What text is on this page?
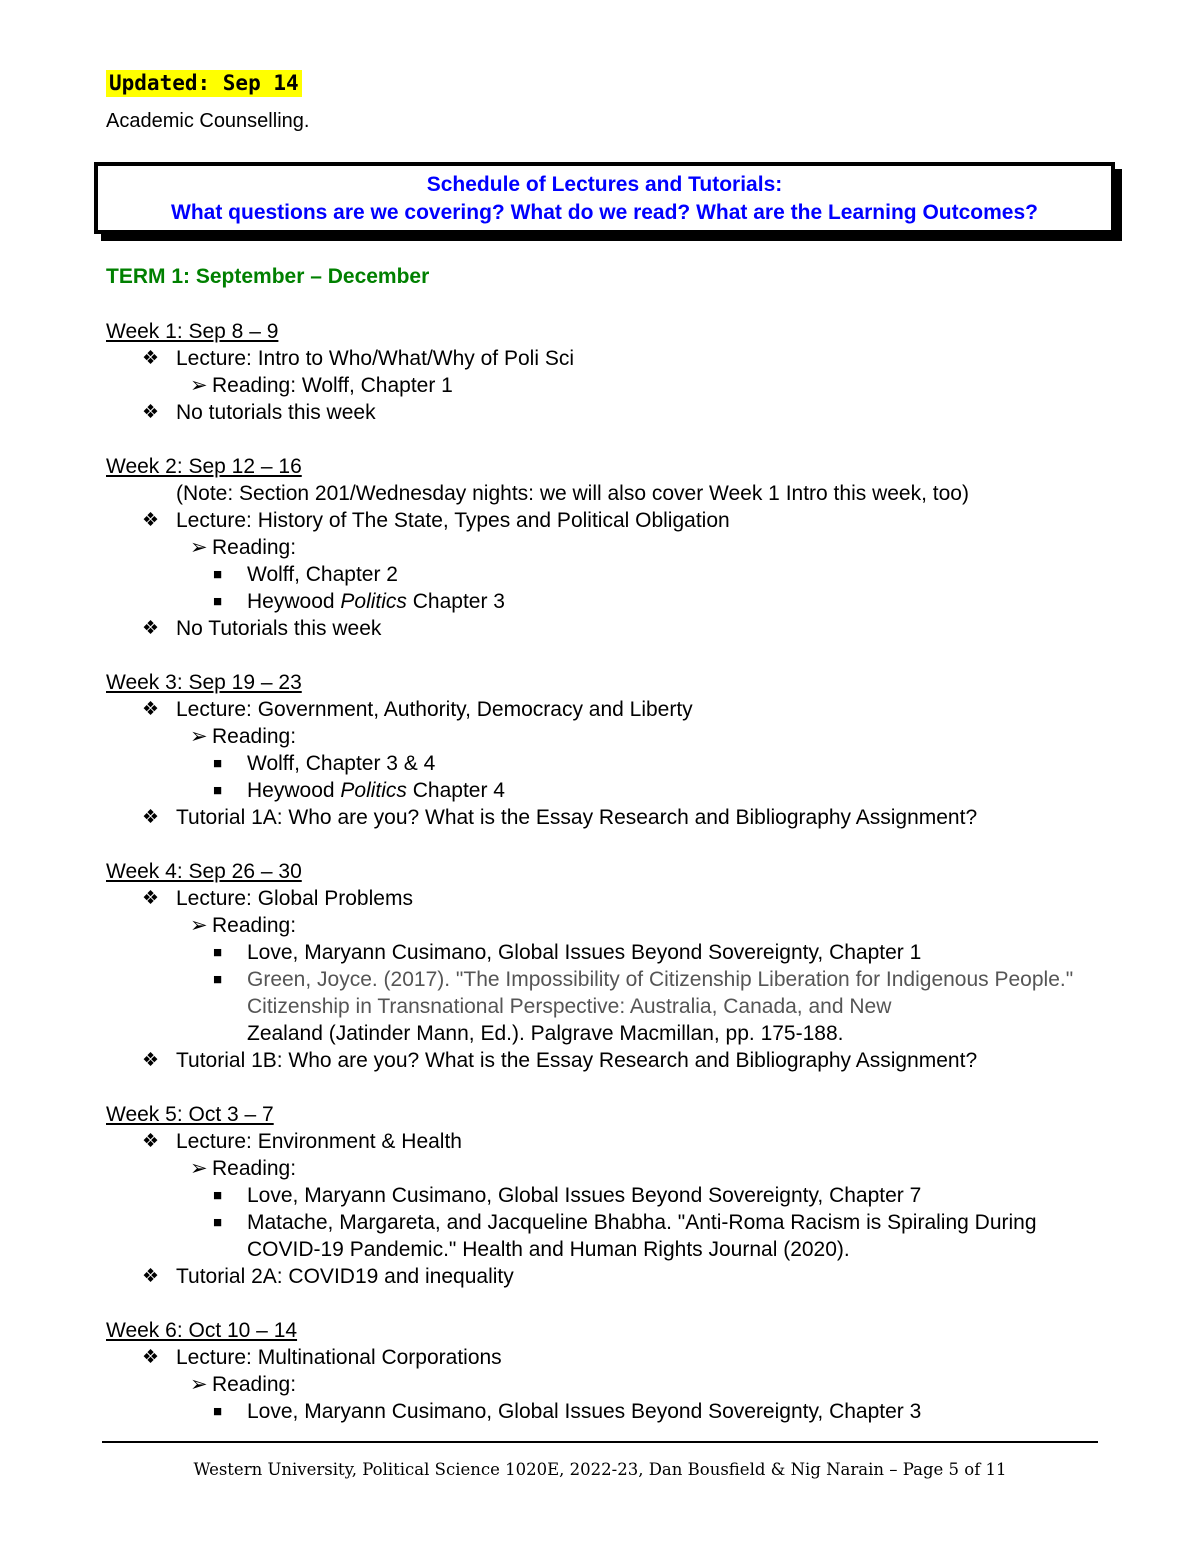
Updated: Sep 14
Academic Counselling.
Schedule of Lectures and Tutorials:
What questions are we covering? What do we read? What are the Learning Outcomes?
TERM 1: September – December
Week 1: Sep 8 – 9
❖ Lecture: Intro to Who/What/Why of Poli Sci
➢ Reading: Wolff, Chapter 1
❖ No tutorials this week
Week 2: Sep 12 – 16
(Note: Section 201/Wednesday nights: we will also cover Week 1 Intro this week, too)
❖ Lecture: History of The State, Types and Political Obligation
➢ Reading:
■ Wolff, Chapter 2
■ Heywood Politics Chapter 3
❖ No Tutorials this week
Week 3: Sep 19 – 23
❖ Lecture: Government, Authority, Democracy and Liberty
➢ Reading:
■ Wolff, Chapter 3 & 4
■ Heywood Politics Chapter 4
❖ Tutorial 1A: Who are you? What is the Essay Research and Bibliography Assignment?
Week 4: Sep 26 – 30
❖ Lecture: Global Problems
➢ Reading:
■ Love, Maryann Cusimano, Global Issues Beyond Sovereignty, Chapter 1
■ Green, Joyce. (2017). "The Impossibility of Citizenship Liberation for Indigenous People." Citizenship in Transnational Perspective: Australia, Canada, and New
Zealand (Jatinder Mann, Ed.). Palgrave Macmillan, pp. 175-188.
❖ Tutorial 1B: Who are you? What is the Essay Research and Bibliography Assignment?
Week 5: Oct 3 – 7
❖ Lecture: Environment & Health
➢ Reading:
■ Love, Maryann Cusimano, Global Issues Beyond Sovereignty, Chapter 7
■ Matache, Margareta, and Jacqueline Bhabha. "Anti-Roma Racism is Spiraling During COVID-19 Pandemic." Health and Human Rights Journal (2020).
❖ Tutorial 2A: COVID19 and inequality
Week 6: Oct 10 – 14
❖ Lecture: Multinational Corporations
➢ Reading:
■ Love, Maryann Cusimano, Global Issues Beyond Sovereignty, Chapter 3
Western University, Political Science 1020E, 2022-23, Dan Bousfield & Nig Narain – Page 5 of 11
